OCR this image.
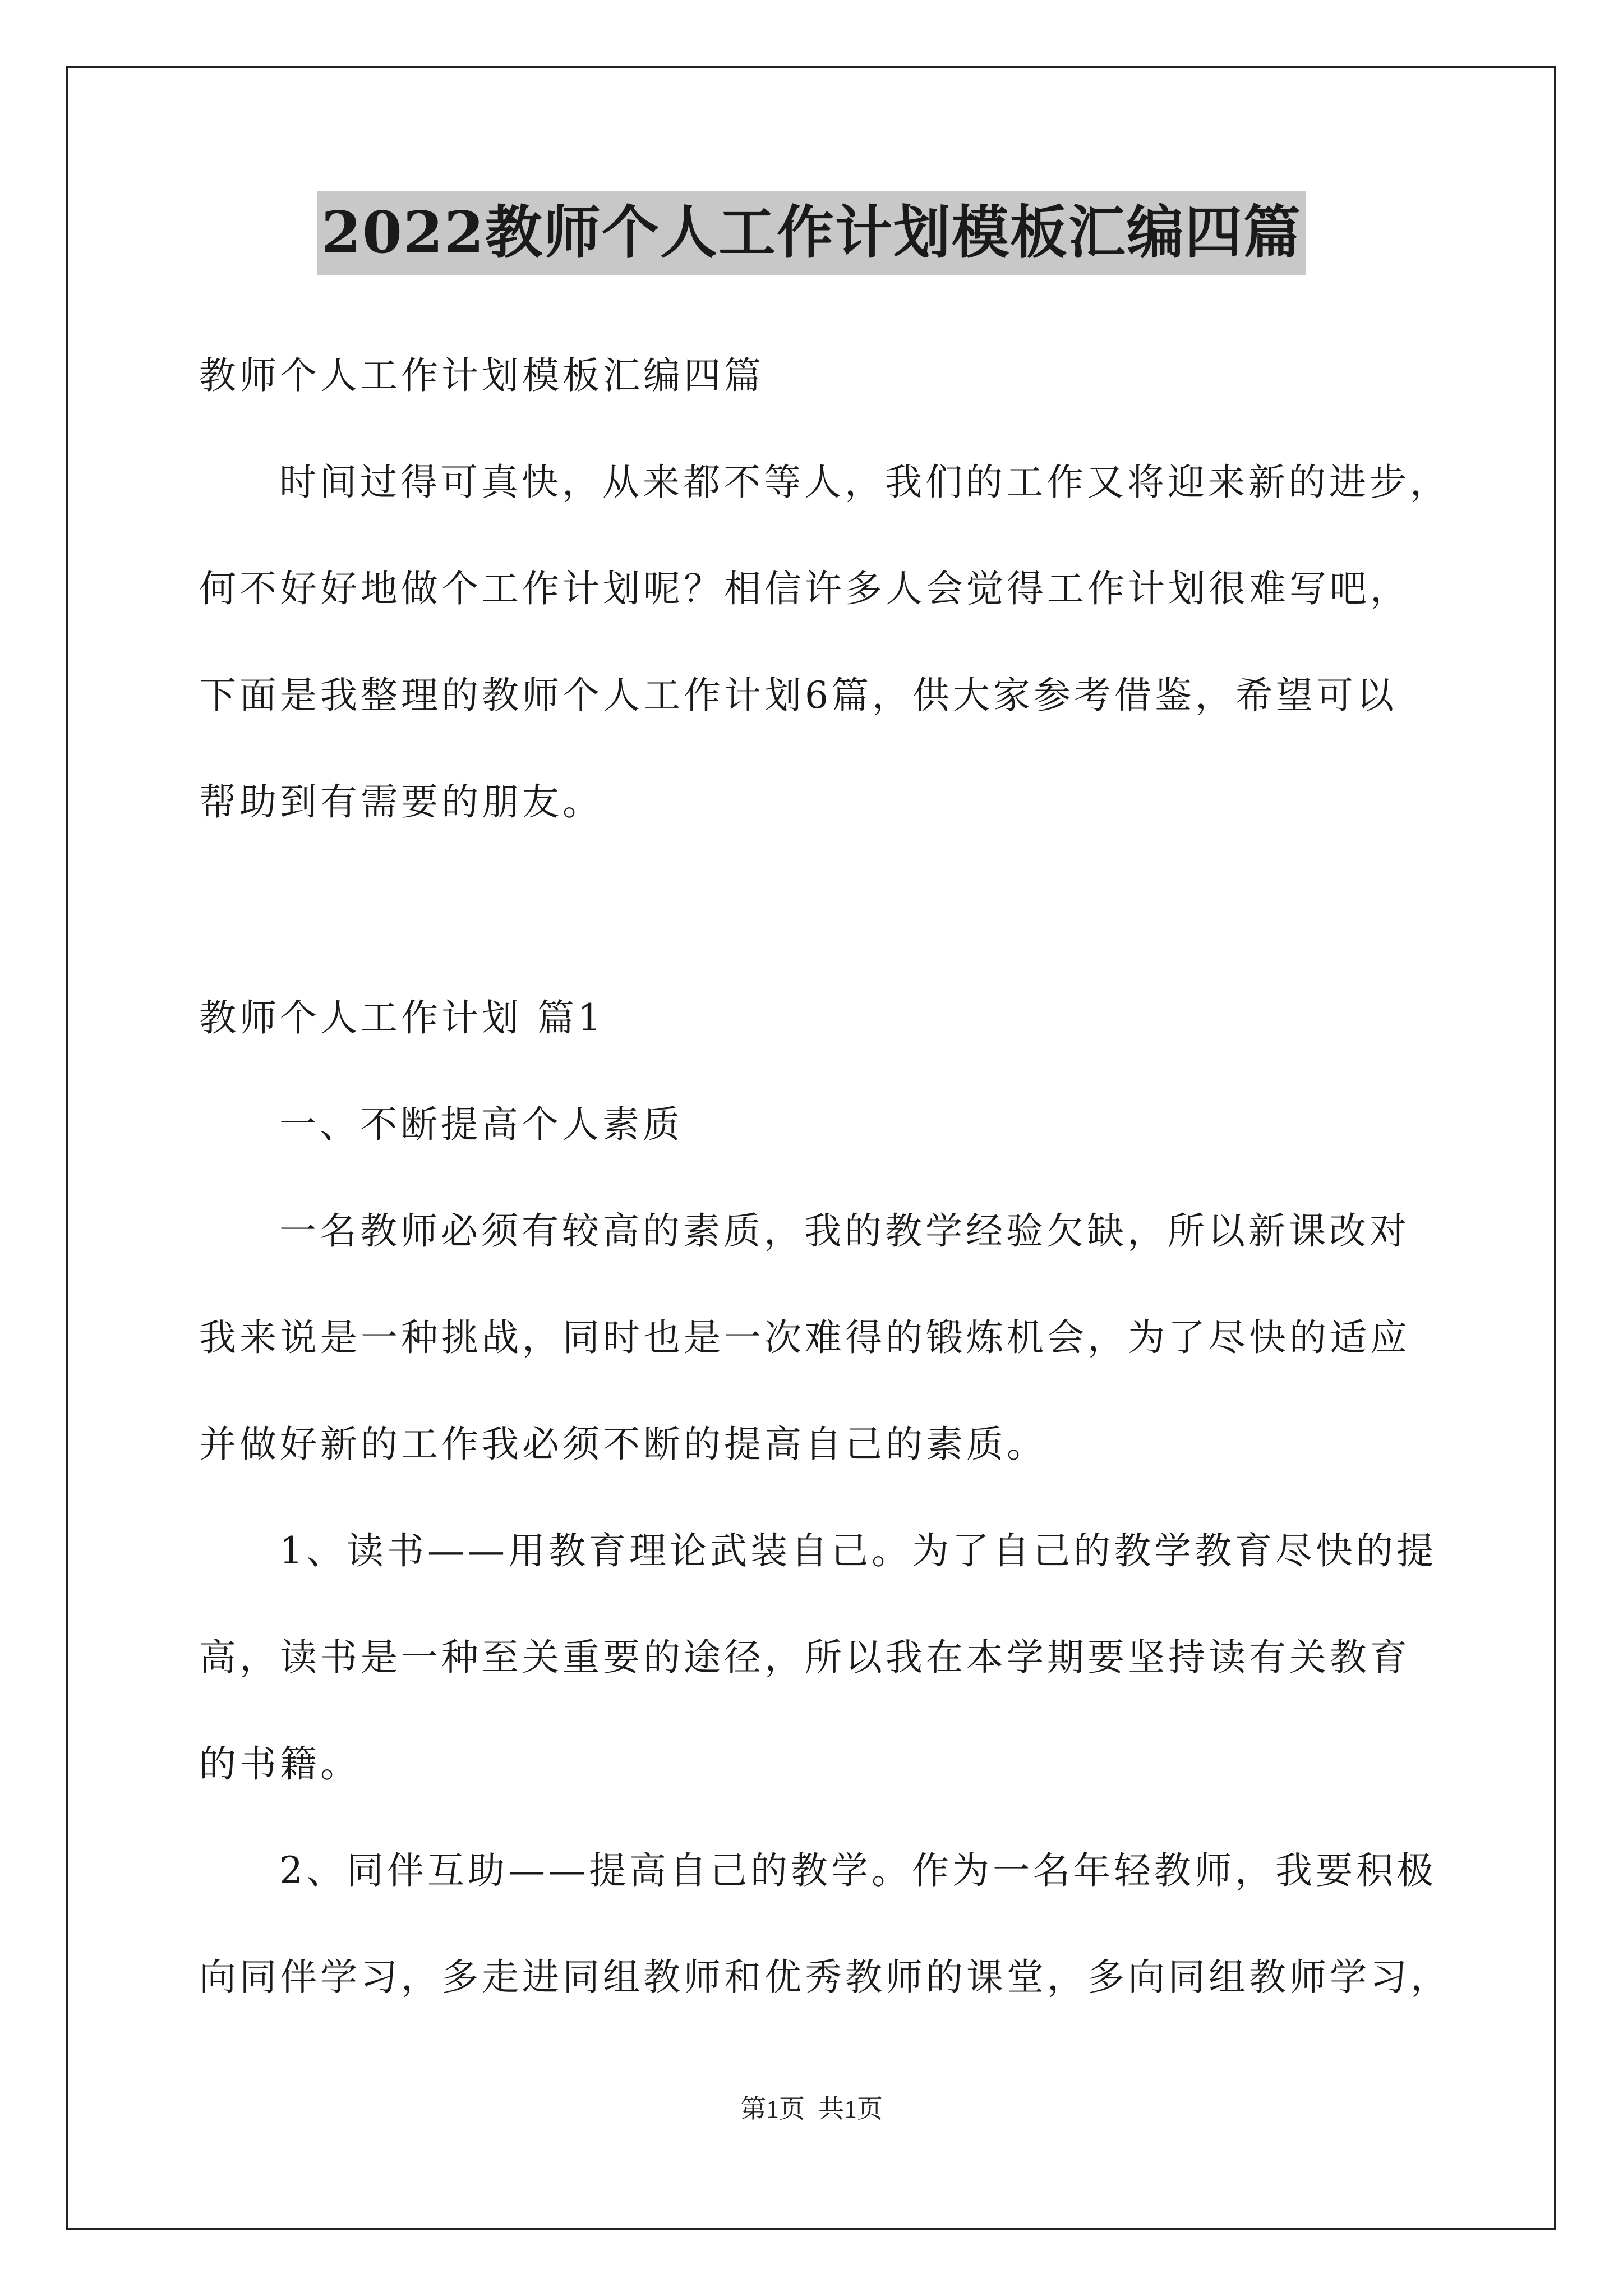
2022教师个人工作计划模板汇编四篇
教师个人工作计划模板汇编四篇
时间过得可真快，从来都不等人，我们的工作又将迎来新的进步，
何不好好地做个工作计划呢？相信许多人会觉得工作计划很难写吧，
下面是我整理的教师个人工作计划6篇，供大家参考借鉴，希望可以
帮助到有需要的朋友。
教师个人工作计划 篇1
一、不断提高个人素质
一名教师必须有较高的素质，我的教学经验欠缺，所以新课改对
我来说是一种挑战，同时也是一次难得的锻炼机会，为了尽快的适应
并做好新的工作我必须不断的提高自己的素质。
1、读书——用教育理论武装自己。为了自己的教学教育尽快的提
高，读书是一种至关重要的途径，所以我在本学期要坚持读有关教育
的书籍。
2、同伴互助——提高自己的教学。作为一名年轻教师，我要积极
向同伴学习，多走进同组教师和优秀教师的课堂，多向同组教师学习，
第1页 共1页
